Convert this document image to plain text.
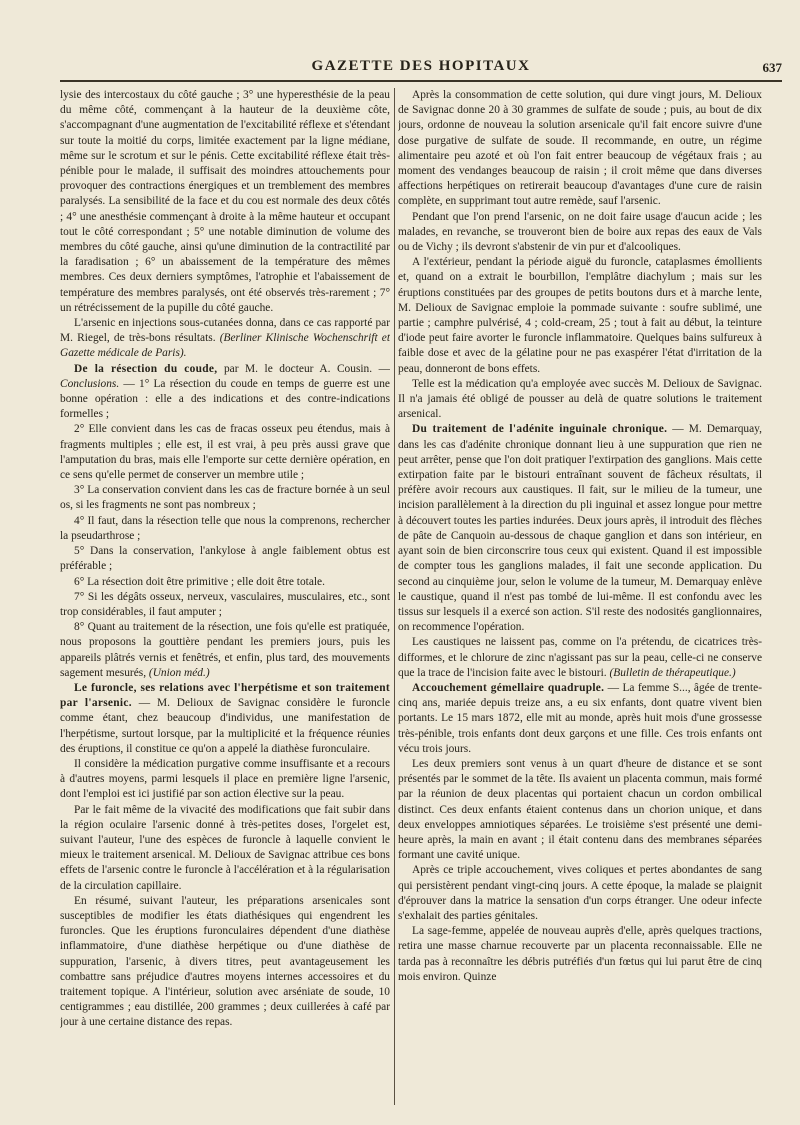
GAZETTE DES HOPITAUX	637

lysie des intercostaux du côté gauche ; 3° une hyperesthésie de la peau du même côté, commençant à la hauteur de la deuxième côte, s'accompagnant d'une augmentation de l'excitabilité réflexe et s'étendant sur toute la moitié du corps, limitée exactement par la ligne médiane, même sur le scrotum et sur le pénis. Cette excitabilité réflexe était très-pénible pour le malade, il suffisait des moindres attouchements pour provoquer des contractions énergiques et un tremblement des membres paralysés. La sensibilité de la face et du cou est normale des deux côtés ; 4° une anesthésie commençant à droite à la même hauteur et occupant tout le côté correspondant ; 5° une notable diminution de volume des membres du côté gauche, ainsi qu'une diminution de la contractilité par la faradisation ; 6° un abaissement de la température des mêmes membres. Ces deux derniers symptômes, l'atrophie et l'abaissement de température des membres paralysés, ont été observés très-rarement ; 7° un rétrécissement de la pupille du côté gauche.

L'arsenic en injections sous-cutanées donna, dans ce cas rapporté par M. Riegel, de très-bons résultats. (Berliner Klinische Wochenschrift et Gazette médicale de Paris).

De la résection du coude, par M. le docteur A. Cousin. — Conclusions. — 1° La résection du coude en temps de guerre est une bonne opération : elle a des indications et des contre-indications formelles ;

2° Elle convient dans les cas de fracas osseux peu étendus, mais à fragments multiples ; elle est, il est vrai, à peu près aussi grave que l'amputation du bras, mais elle l'emporte sur cette dernière opération, en ce sens qu'elle permet de conserver un membre utile ;

3° La conservation convient dans les cas de fracture bornée à un seul os, si les fragments ne sont pas nombreux ;

4° Il faut, dans la résection telle que nous la comprenons, rechercher la pseudarthrose ;

5° Dans la conservation, l'ankylose à angle faiblement obtus est préférable ;

6° La résection doit être primitive ; elle doit être totale.

7° Si les dégâts osseux, nerveux, vasculaires, musculaires, etc., sont trop considérables, il faut amputer ;

8° Quant au traitement de la résection, une fois qu'elle est pratiquée, nous proposons la gouttière pendant les premiers jours, puis les appareils plâtrés vernis et fenêtrés, et enfin, plus tard, des mouvements sagement mesurés, (Union méd.)

Le furoncle, ses relations avec l'herpétisme et son traitement par l'arsenic. — M. Delioux de Savignac considère le furoncle comme étant, chez beaucoup d'individus, une manifestation de l'herpétisme, surtout lorsque, par la multiplicité et la fréquence réunies des éruptions, il constitue ce qu'on a appelé la diathèse furonculaire.

Il considère la médication purgative comme insuffisante et a recours à d'autres moyens, parmi lesquels il place en première ligne l'arsenic, dont l'emploi est ici justifié par son action élective sur la peau.

Par le fait même de la vivacité des modifications que fait subir dans la région oculaire l'arsenic donné à très-petites doses, l'orgelet est, suivant l'auteur, l'une des espèces de furoncle à laquelle convient le mieux le traitement arsenical. M. Delioux de Savignac attribue ces bons effets de l'arsenic contre le furoncle à l'accélération et à la régularisation de la circulation capillaire.

En résumé, suivant l'auteur, les préparations arsenicales sont susceptibles de modifier les états diathésiques qui engendrent les furoncles. Que les éruptions furonculaires dépendent d'une diathèse inflammatoire, d'une diathèse herpétique ou d'une diathèse de suppuration, l'arsenic, à divers titres, peut avantageusement les combattre sans préjudice d'autres moyens internes accessoires et du traitement topique. A l'intérieur, solution avec arséniate de soude, 10 centigrammes ; eau distillée, 200 grammes ; deux cuillerées à café par jour à une certaine distance des repas.

Après la consommation de cette solution, qui dure vingt jours, M. Delioux de Savignac donne 20 à 30 grammes de sulfate de soude ; puis, au bout de dix jours, ordonne de nouveau la solution arsenicale qu'il fait encore suivre d'une dose purgative de sulfate de soude. Il recommande, en outre, un régime alimentaire peu azoté et où l'on fait entrer beaucoup de végétaux frais ; au moment des vendanges beaucoup de raisin ; il croit même que dans diverses affections herpétiques on retirerait beaucoup d'avantages d'une cure de raisin complète, en supprimant tout autre remède, sauf l'arsenic.

Pendant que l'on prend l'arsenic, on ne doit faire usage d'aucun acide ; les malades, en revanche, se trouveront bien de boire aux repas des eaux de Vals ou de Vichy ; ils devront s'abstenir de vin pur et d'alcooliques.

A l'extérieur, pendant la période aiguë du furoncle, cataplasmes émollients et, quand on a extrait le bourbillon, l'emplâtre diachylum ; mais sur les éruptions constituées par des groupes de petits boutons durs et à marche lente, M. Delioux de Savignac emploie la pommade suivante : soufre sublimé, une partie ; camphre pulvérisé, 4 ; cold-cream, 25 ; tout à fait au début, la teinture d'iode peut faire avorter le furoncle inflammatoire. Quelques bains sulfureux à faible dose et avec de la gélatine pour ne pas exaspérer l'état d'irritation de la peau, donneront de bons effets.

Telle est la médication qu'a employée avec succès M. Delioux de Savignac. Il n'a jamais été obligé de pousser au delà de quatre solutions le traitement arsenical.

Du traitement de l'adénite inguinale chronique. — M. Demarquay, dans les cas d'adénite chronique donnant lieu à une suppuration que rien ne peut arrêter, pense que l'on doit pratiquer l'extirpation des ganglions. Mais cette extirpation faite par le bistouri entraînant souvent de fâcheux résultats, il préfère avoir recours aux caustiques. Il fait, sur le milieu de la tumeur, une incision parallèlement à la direction du pli inguinal et assez longue pour mettre à découvert toutes les parties indurées. Deux jours après, il introduit des flèches de pâte de Canquoin au-dessous de chaque ganglion et dans son intérieur, en ayant soin de bien circonscrire tous ceux qui existent. Quand il est impossible de compter tous les ganglions malades, il fait une seconde application. Du second au cinquième jour, selon le volume de la tumeur, M. Demarquay enlève le caustique, quand il n'est pas tombé de lui-même. Il est confondu avec les tissus sur lesquels il a exercé son action. S'il reste des nodosités ganglionnaires, on recommence l'opération.

Les caustiques ne laissent pas, comme on l'a prétendu, de cicatrices très-difformes, et le chlorure de zinc n'agissant pas sur la peau, celle-ci ne conserve que la trace de l'incision faite avec le bistouri. (Bulletin de thérapeutique.)

Accouchement gémellaire quadruple. — La femme S..., âgée de trente-cinq ans, mariée depuis treize ans, a eu six enfants, dont quatre vivent bien portants. Le 15 mars 1872, elle mit au monde, après huit mois d'une grossesse très-pénible, trois enfants dont deux garçons et une fille. Ces trois enfants ont vécu trois jours.

Les deux premiers sont venus à un quart d'heure de distance et se sont présentés par le sommet de la tête. Ils avaient un placenta commun, mais formé par la réunion de deux placentas qui portaient chacun un cordon ombilical distinct. Ces deux enfants étaient contenus dans un chorion unique, et dans deux enveloppes amniotiques séparées. Le troisième s'est présenté une demi-heure après, la main en avant ; il était contenu dans des membranes séparées formant une cavité unique.

Après ce triple accouchement, vives coliques et pertes abondantes de sang qui persistèrent pendant vingt-cinq jours. A cette époque, la malade se plaignit d'éprouver dans la matrice la sensation d'un corps étranger. Une odeur infecte s'exhalait des parties génitales.

La sage-femme, appelée de nouveau auprès d'elle, après quelques tractions, retira une masse charnue recouverte par un placenta reconnaissable. Elle ne tarda pas à reconnaître les débris putréfiés d'un fœtus qui lui parut être de cinq mois environ. Quinze
